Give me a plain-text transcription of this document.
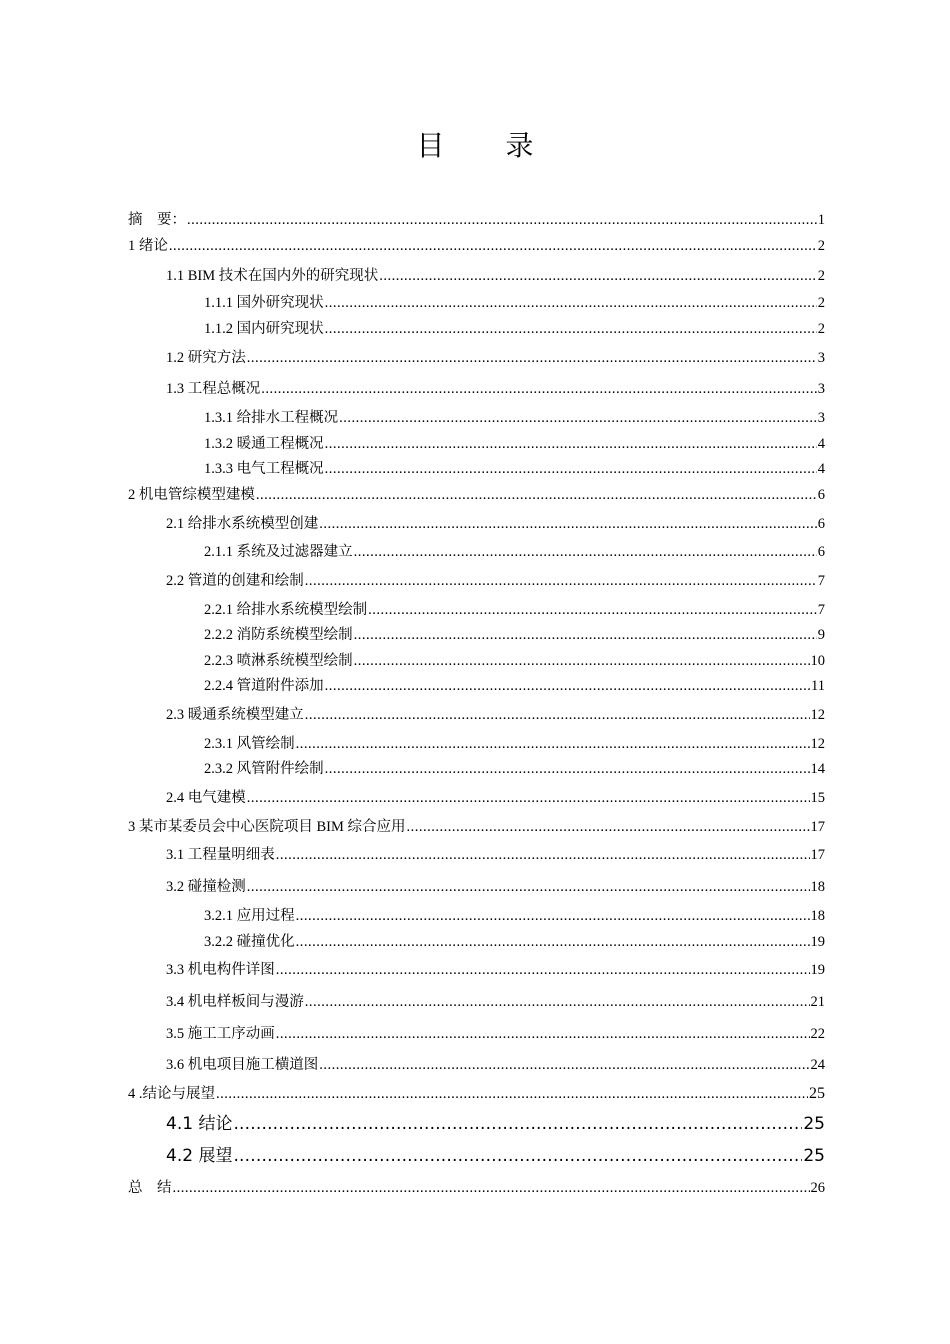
目 录
摘　要： .....	1
1 绪论 .....	2
1.1 BIM 技术在国内外的研究现状 .....	2
1.1.1 国外研究现状 .....	2
1.1.2 国内研究现状 .....	2
1.2 研究方法 .....	3
1.3 工程总概况 .....	3
1.3.1 给排水工程概况 .....	3
1.3.2 暖通工程概况 .....	4
1.3.3 电气工程概况 .....	4
2 机电管综模型建模 .....	6
2.1 给排水系统模型创建 .....	6
2.1.1 系统及过滤器建立 .....	6
2.2 管道的创建和绘制 .....	7
2.2.1 给排水系统模型绘制 .....	7
2.2.2 消防系统模型绘制 .....	9
2.2.3 喷淋系统模型绘制 .....	10
2.2.4 管道附件添加 .....	11
2.3 暖通系统模型建立 .....	12
2.3.1 风管绘制 .....	12
2.3.2 风管附件绘制 .....	14
2.4 电气建模 .....	15
3 某市某委员会中心医院项目 BIM 综合应用 .....	17
3.1 工程量明细表 .....	17
3.2 碰撞检测 .....	18
3.2.1 应用过程 .....	18
3.2.2 碰撞优化 .....	19
3.3 机电构件详图 .....	19
3.4 机电样板间与漫游 .....	21
3.5 施工工序动画 .....	22
3.6 机电项目施工横道图 .....	24
4 .结论与展望 .....	25
4.1 结论 .....	25
4.2 展望 .....	25
总　结 .....	26
